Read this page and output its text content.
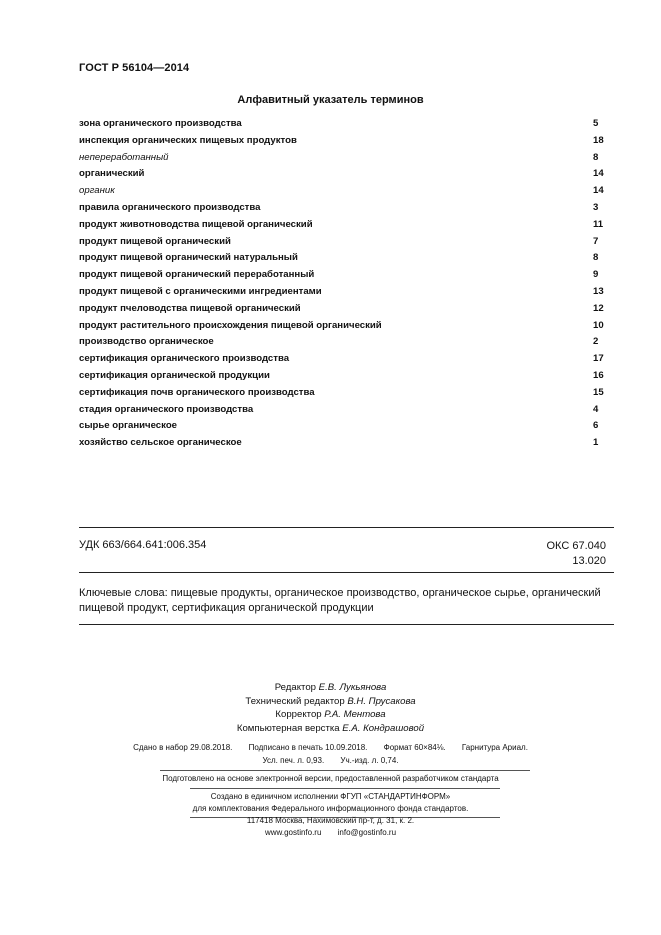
ГОСТ Р 56104—2014
Алфавитный указатель терминов
зона органического производства	5
инспекция органических пищевых продуктов	18
непереработанный	8
органический	14
органик	14
правила органического производства	3
продукт животноводства пищевой органический	11
продукт пищевой органический	7
продукт пищевой органический натуральный	8
продукт пищевой органический переработанный	9
продукт пищевой с органическими ингредиентами	13
продукт пчеловодства пищевой органический	12
продукт растительного происхождения пищевой органический	10
производство органическое	2
сертификация органического производства	17
сертификация органической продукции	16
сертификация почв органического производства	15
стадия органического производства	4
сырье органическое	6
хозяйство сельское органическое	1
УДК 663/664.641:006.354	ОКС 67.040
13.020
Ключевые слова: пищевые продукты, органическое производство, органическое сырье, органический пищевой продукт, сертификация органической продукции
Редактор Е.В. Лукьянова
Технический редактор В.Н. Прусакова
Корректор Р.А. Ментова
Компьютерная верстка Е.А. Кондрашовой
Сдано в набор 29.08.2018. Подписано в печать 10.09.2018. Формат 60×84⅛. Гарнитура Ариал.
Усл. печ. л. 0,93. Уч.-изд. л. 0,74.
Подготовлено на основе электронной версии, предоставленной разработчиком стандарта
Создано в единичном исполнении ФГУП «СТАНДАРТИНФОРМ»
для комплектования Федерального информационного фонда стандартов.
117418 Москва, Нахимовский пр-т, д. 31, к. 2.
www.gostinfo.ru info@gostinfo.ru
